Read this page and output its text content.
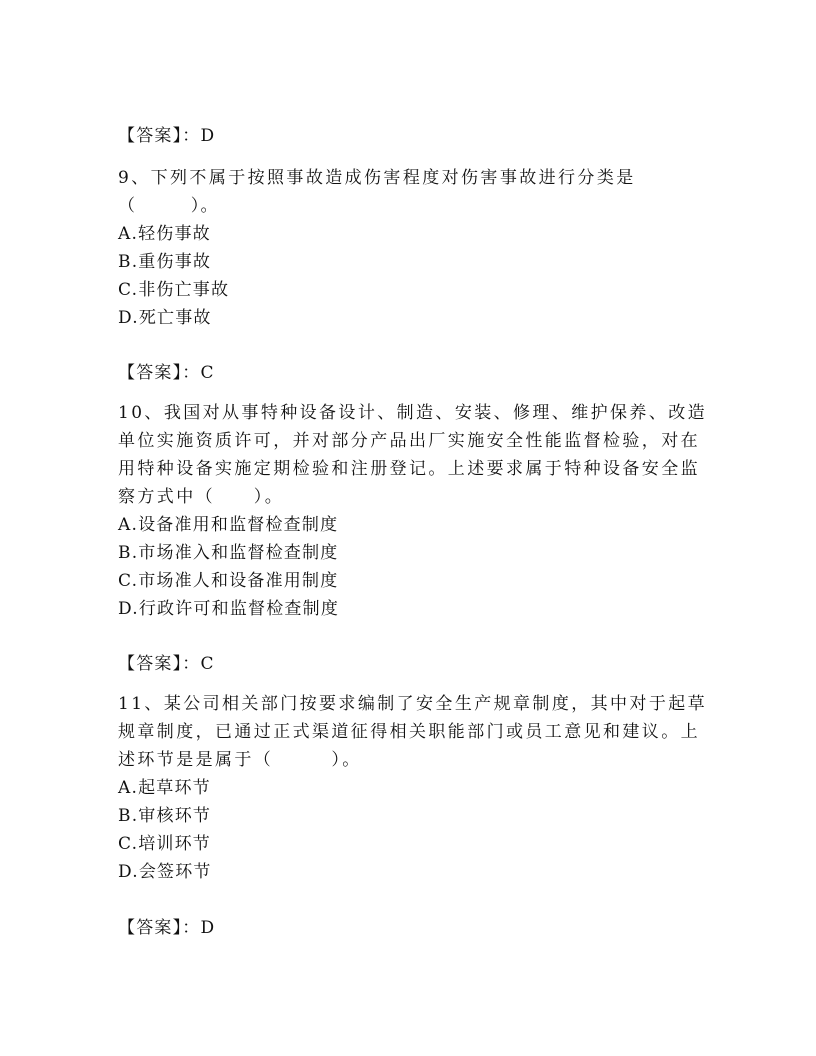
【答案】：D
9、下列不属于按照事故造成伤害程度对伤害事故进行分类是
（　　　）。
A.轻伤事故
B.重伤事故
C.非伤亡事故
D.死亡事故
【答案】：C
10、我国对从事特种设备设计、制造、安装、修理、维护保养、改造
单位实施资质许可，并对部分产品出厂实施安全性能监督检验，对在
用特种设备实施定期检验和注册登记。上述要求属于特种设备安全监
察方式中（　　）。
A.设备准用和监督检查制度
B.市场准入和监督检查制度
C.市场准人和设备准用制度
D.行政许可和监督检查制度
【答案】：C
11、某公司相关部门按要求编制了安全生产规章制度，其中对于起草
规章制度，已通过正式渠道征得相关职能部门或员工意见和建议。上
述环节是是属于（　　　）。
A.起草环节
B.审核环节
C.培训环节
D.会签环节
【答案】：D
